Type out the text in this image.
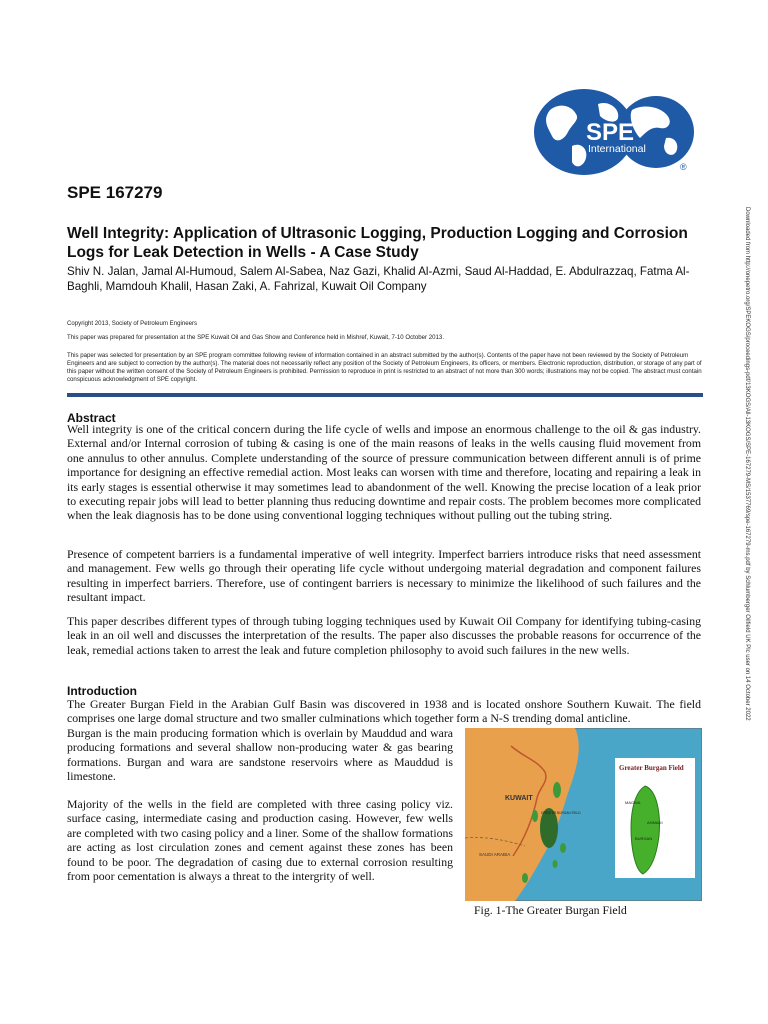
SPE
International
®
SPE 167279
Well Integrity: Application of Ultrasonic Logging, Production Logging and Corrosion Logs for Leak Detection in Wells - A Case Study
Shiv N. Jalan, Jamal Al-Humoud, Salem Al-Sabea, Naz Gazi, Khalid Al-Azmi, Saud Al-Haddad, E. Abdulrazzaq, Fatma Al-Baghli, Mamdouh Khalil, Hasan Zaki, A. Fahrizal, Kuwait Oil Company
Copyright 2013, Society of Petroleum Engineers
This paper was prepared for presentation at the SPE Kuwait Oil and Gas Show and Conference held in Mishref, Kuwait, 7-10 October 2013.
This paper was selected for presentation by an SPE program committee following review of information contained in an abstract submitted by the author(s). Contents of the paper have not been reviewed by the Society of Petroleum Engineers and are subject to correction by the author(s). The material does not necessarily reflect any position of the Society of Petroleum Engineers, its officers, or members. Electronic reproduction, distribution, or storage of any part of this paper without the written consent of the Society of Petroleum Engineers is prohibited. Permission to reproduce in print is restricted to an abstract of not more than 300 words; illustrations may not be copied. The abstract must contain conspicuous acknowledgment of SPE copyright.
Abstract
Well integrity is one of the critical concern during the life cycle of wells and impose an enormous challenge to the oil & gas industry. External and/or Internal corrosion of tubing & casing is one of the main reasons of leaks in the wells causing fluid movement from one annulus to other annulus. Complete understanding of the source of pressure communication between different annuli is of prime importance for designing an effective remedial action. Most leaks can worsen with time and therefore, locating and repairing a leak in its early stages is essential otherwise it may sometimes lead to abandonment of the well. Knowing the precise location of a leak prior to executing repair jobs will lead to better planning thus reducing downtime and repair costs. The problem becomes more complicated when the leak diagnosis has to be done using conventional logging techniques without pulling out the tubing string.
Presence of competent barriers is a fundamental imperative of well integrity. Imperfect barriers introduce risks that need assessment and management. Few wells go through their operating life cycle without undergoing material degradation and component failures resulting in imperfect barriers. Therefore, use of contingent barriers is necessary to minimize the likelihood of such failures and the resultant impact.
This paper describes different types of through tubing logging techniques used by Kuwait Oil Company for identifying tubing-casing leak in an oil well and discusses the interpretation of the results. The paper also discusses the probable reasons for occurrence of the leak, remedial actions taken to arrest the leak and future completion philosophy to avoid such failures in the new wells.
Introduction
The Greater Burgan Field in the Arabian Gulf Basin was discovered in 1938 and is located onshore Southern Kuwait. The field comprises one large domal structure and two smaller culminations which together form a N-S trending domal anticline.
Burgan is the main producing formation which is overlain by Mauddud and wara producing formations and several shallow non-producing water & gas bearing formations. Burgan and wara are sandstone reservoirs where as Mauddud is limestone.
Majority of the wells in the field are completed with three casing policy viz. surface casing, intermediate casing and production casing. However, few wells are completed with two casing policy and a liner. Some of the shallow formations are acting as lost circulation zones and cement against these zones has been found to be poor. The degradation of casing due to external corrosion resulting from poor cementation is always a threat to the intergrity of well.
KUWAIT
SAUDI ARABIA
GREATER BURGAN FIELD
Greater Burgan Field
MAGWA
AHMADI
BURGAN
Fig. 1-The Greater Burgan Field
Downloaded from http://onepetro.org/SPEKOGS/proceedings-pdf/13KOGS/All-13KOGS/SPE-167279-MS/1537769/spe-167279-ms.pdf by Schlumberger Oilfield UK Plc user on 14 October 2022
